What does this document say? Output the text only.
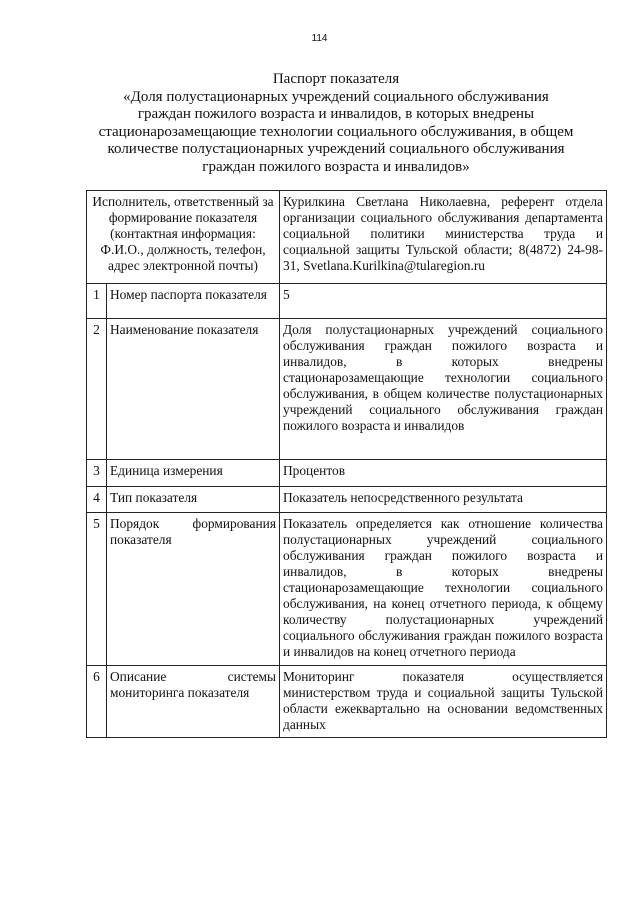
114
Паспорт показателя
«Доля полустационарных учреждений социального обслуживания
граждан пожилого возраста и инвалидов, в которых внедрены
стационарозамещающие технологии социального обслуживания, в общем
количестве полустационарных учреждений социального обслуживания
граждан пожилого возраста и инвалидов»
Исполнитель, ответственный за формирование показателя (контактная информация: Ф.И.О., должность, телефон, адрес электронной почты)		Курилкина Светлана Николаевна, референт отдела организации социального обслуживания департамента социальной политики министерства труда и социальной защиты Тульской области; 8(4872) 24-98-31, Svetlana.Kurilkina@tularegion.ru
1	Номер паспорта показателя	5
2	Наименование показателя	Доля полустационарных учреждений социального обслуживания граждан пожилого возраста и инвалидов, в которых внедрены стационарозамещающие технологии социального обслуживания, в общем количестве полустационарных учреждений социального обслуживания граждан пожилого возраста и инвалидов
3	Единица измерения	Процентов
4	Тип показателя	Показатель непосредственного результата
5	Порядок формирования показателя	Показатель определяется как отношение количества полустационарных учреждений социального обслуживания граждан пожилого возраста и инвалидов, в которых внедрены стационарозамещающие технологии социального обслуживания, на конец отчетного периода, к общему количеству полустационарных учреждений социального обслуживания граждан пожилого возраста и инвалидов на конец отчетного периода
6	Описание системы мониторинга показателя	Мониторинг показателя осуществляется министерством труда и социальной защиты Тульской области ежеквартально на основании ведомственных данных
